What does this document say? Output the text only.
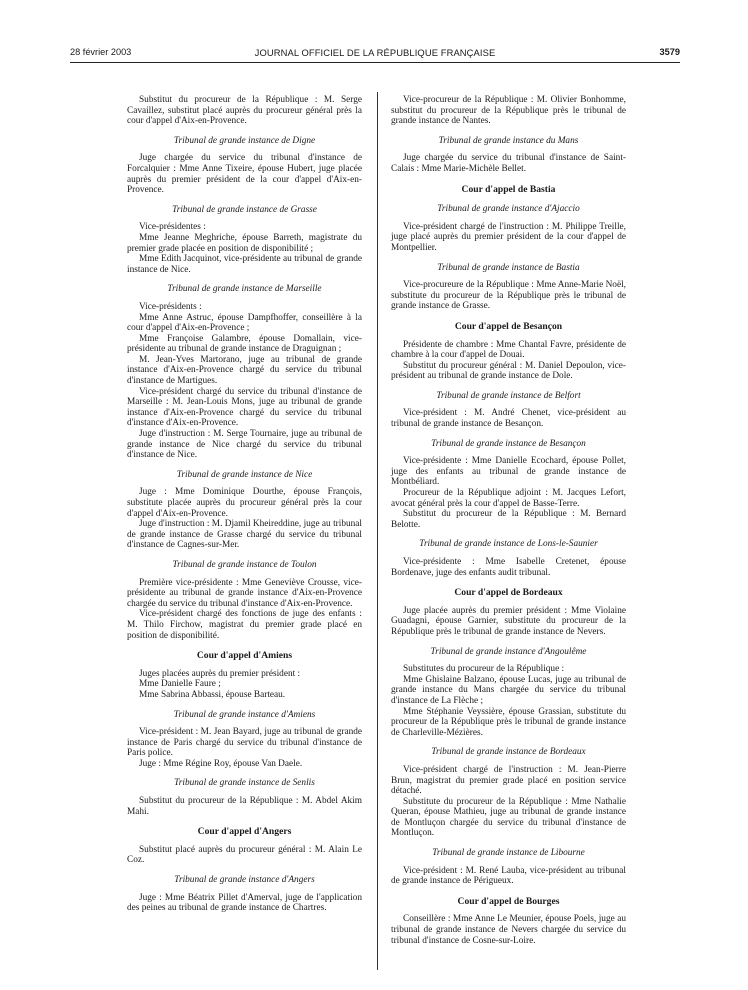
28 février 2003	JOURNAL OFFICIEL DE LA RÉPUBLIQUE FRANÇAISE	3579

Substitut du procureur de la République : M. Serge Cavaillez, substitut placé auprès du procureur général près la cour d'appel d'Aix-en-Provence.

Tribunal de grande instance de Digne

Juge chargée du service du tribunal d'instance de Forcalquier : Mme Anne Tixeire, épouse Hubert, juge placée auprès du premier président de la cour d'appel d'Aix-en-Provence.

Tribunal de grande instance de Grasse

Vice-présidentes :

Mme Jeanne Meghriche, épouse Barreth, magistrate du premier grade placée en position de disponibilité ;

Mme Edith Jacquinot, vice-présidente au tribunal de grande instance de Nice.

Tribunal de grande instance de Marseille

Vice-présidents :

Mme Anne Astruc, épouse Dampfhoffer, conseillère à la cour d'appel d'Aix-en-Provence ;

Mme Françoise Galambre, épouse Domallain, vice-présidente au tribunal de grande instance de Draguignan ;

M. Jean-Yves Martorano, juge au tribunal de grande instance d'Aix-en-Provence chargé du service du tribunal d'instance de Martigues.

Vice-président chargé du service du tribunal d'instance de Marseille : M. Jean-Louis Mons, juge au tribunal de grande instance d'Aix-en-Provence chargé du service du tribunal d'instance d'Aix-en-Provence.

Juge d'instruction : M. Serge Tournaire, juge au tribunal de grande instance de Nice chargé du service du tribunal d'instance de Nice.

Tribunal de grande instance de Nice

Juge : Mme Dominique Dourthe, épouse François, substitute placée auprès du procureur général près la cour d'appel d'Aix-en-Provence.

Juge d'instruction : M. Djamil Kheireddine, juge au tribunal de grande instance de Grasse chargé du service du tribunal d'instance de Cagnes-sur-Mer.

Tribunal de grande instance de Toulon

Première vice-présidente : Mme Geneviève Crousse, vice-présidente au tribunal de grande instance d'Aix-en-Provence chargée du service du tribunal d'instance d'Aix-en-Provence.

Vice-président chargé des fonctions de juge des enfants : M. Thilo Firchow, magistrat du premier grade placé en position de disponibilité.

Cour d'appel d'Amiens

Juges placées auprès du premier président :

Mme Danielle Faure ;

Mme Sabrina Abbassi, épouse Barteau.

Tribunal de grande instance d'Amiens

Vice-président : M. Jean Bayard, juge au tribunal de grande instance de Paris chargé du service du tribunal d'instance de Paris police.

Juge : Mme Régine Roy, épouse Van Daele.

Tribunal de grande instance de Senlis

Substitut du procureur de la République : M. Abdel Akim Mahi.

Cour d'appel d'Angers

Substitut placé auprès du procureur général : M. Alain Le Coz.

Tribunal de grande instance d'Angers

Juge : Mme Béatrix Pillet d'Amerval, juge de l'application des peines au tribunal de grande instance de Chartres.

Vice-procureur de la République : M. Olivier Bonhomme, substitut du procureur de la République près le tribunal de grande instance de Nantes.

Tribunal de grande instance du Mans

Juge chargée du service du tribunal d'instance de Saint-Calais : Mme Marie-Michèle Bellet.

Cour d'appel de Bastia

Tribunal de grande instance d'Ajaccio

Vice-président chargé de l'instruction : M. Philippe Treille, juge placé auprès du premier président de la cour d'appel de Montpellier.

Tribunal de grande instance de Bastia

Vice-procureure de la République : Mme Anne-Marie Noël, substitute du procureur de la République près le tribunal de grande instance de Grasse.

Cour d'appel de Besançon

Présidente de chambre : Mme Chantal Favre, présidente de chambre à la cour d'appel de Douai.

Substitut du procureur général : M. Daniel Depoulon, vice-président au tribunal de grande instance de Dole.

Tribunal de grande instance de Belfort

Vice-président : M. André Chenet, vice-président au tribunal de grande instance de Besançon.

Tribunal de grande instance de Besançon

Vice-présidente : Mme Danielle Ecochard, épouse Pollet, juge des enfants au tribunal de grande instance de Montbéliard.

Procureur de la République adjoint : M. Jacques Lefort, avocat général près la cour d'appel de Basse-Terre.

Substitut du procureur de la République : M. Bernard Belotte.

Tribunal de grande instance de Lons-le-Saunier

Vice-présidente : Mme Isabelle Cretenet, épouse Bordenave, juge des enfants audit tribunal.

Cour d'appel de Bordeaux

Juge placée auprès du premier président : Mme Violaine Guadagni, épouse Garnier, substitute du procureur de la République près le tribunal de grande instance de Nevers.

Tribunal de grande instance d'Angoulême

Substitutes du procureur de la République :

Mme Ghislaine Balzano, épouse Lucas, juge au tribunal de grande instance du Mans chargée du service du tribunal d'instance de La Flèche ;

Mme Stéphanie Veyssière, épouse Grassian, substitute du procureur de la République près le tribunal de grande instance de Charleville-Mézières.

Tribunal de grande instance de Bordeaux

Vice-président chargé de l'instruction : M. Jean-Pierre Brun, magistrat du premier grade placé en position service détaché.

Substitute du procureur de la République : Mme Nathalie Queran, épouse Mathieu, juge au tribunal de grande instance de Montluçon chargée du service du tribunal d'instance de Montluçon.

Tribunal de grande instance de Libourne

Vice-président : M. René Lauba, vice-président au tribunal de grande instance de Périgueux.

Cour d'appel de Bourges

Conseillère : Mme Anne Le Meunier, épouse Poels, juge au tribunal de grande instance de Nevers chargée du service du tribunal d'instance de Cosne-sur-Loire.
